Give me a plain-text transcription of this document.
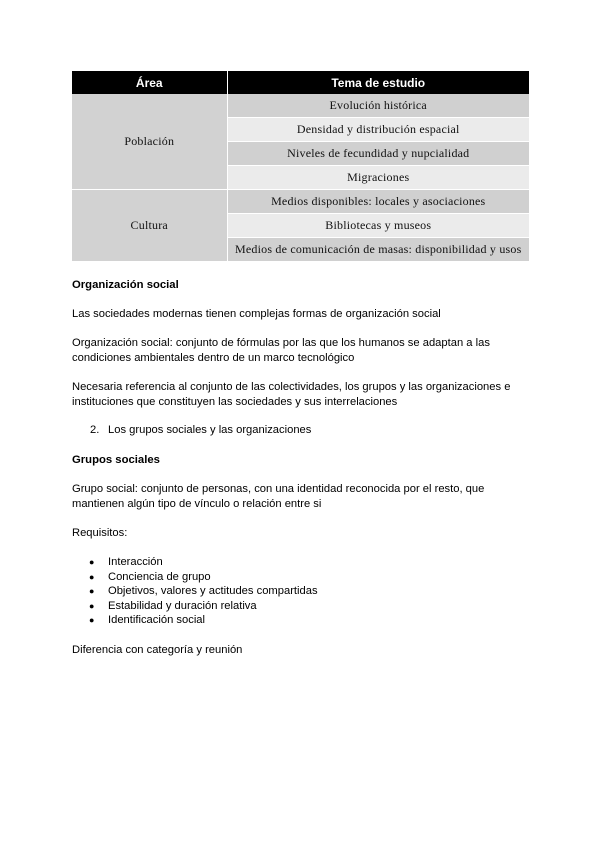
Área	Tema de estudio
Población	Evolución histórica
	Densidad y distribución espacial
	Niveles de fecundidad y nupcialidad
	Migraciones
Cultura	Medios disponibles: locales y asociaciones
	Bibliotecas y museos
	Medios de comunicación de masas: disponibilidad y usos
Organización social
Las sociedades modernas tienen complejas formas de organización social
Organización social: conjunto de fórmulas por las que los humanos se adaptan a las condiciones ambientales dentro de un marco tecnológico
Necesaria referencia al conjunto de las colectividades, los grupos y las organizaciones e instituciones que constituyen las sociedades y sus interrelaciones
2. Los grupos sociales y las organizaciones
Grupos sociales
Grupo social: conjunto de personas, con una identidad reconocida por el resto, que mantienen algún tipo de vínculo o relación entre si
Requisitos:
● Interacción
● Conciencia de grupo
● Objetivos, valores y actitudes compartidas
● Estabilidad y duración relativa
● Identificación social
Diferencia con categoría y reunión
